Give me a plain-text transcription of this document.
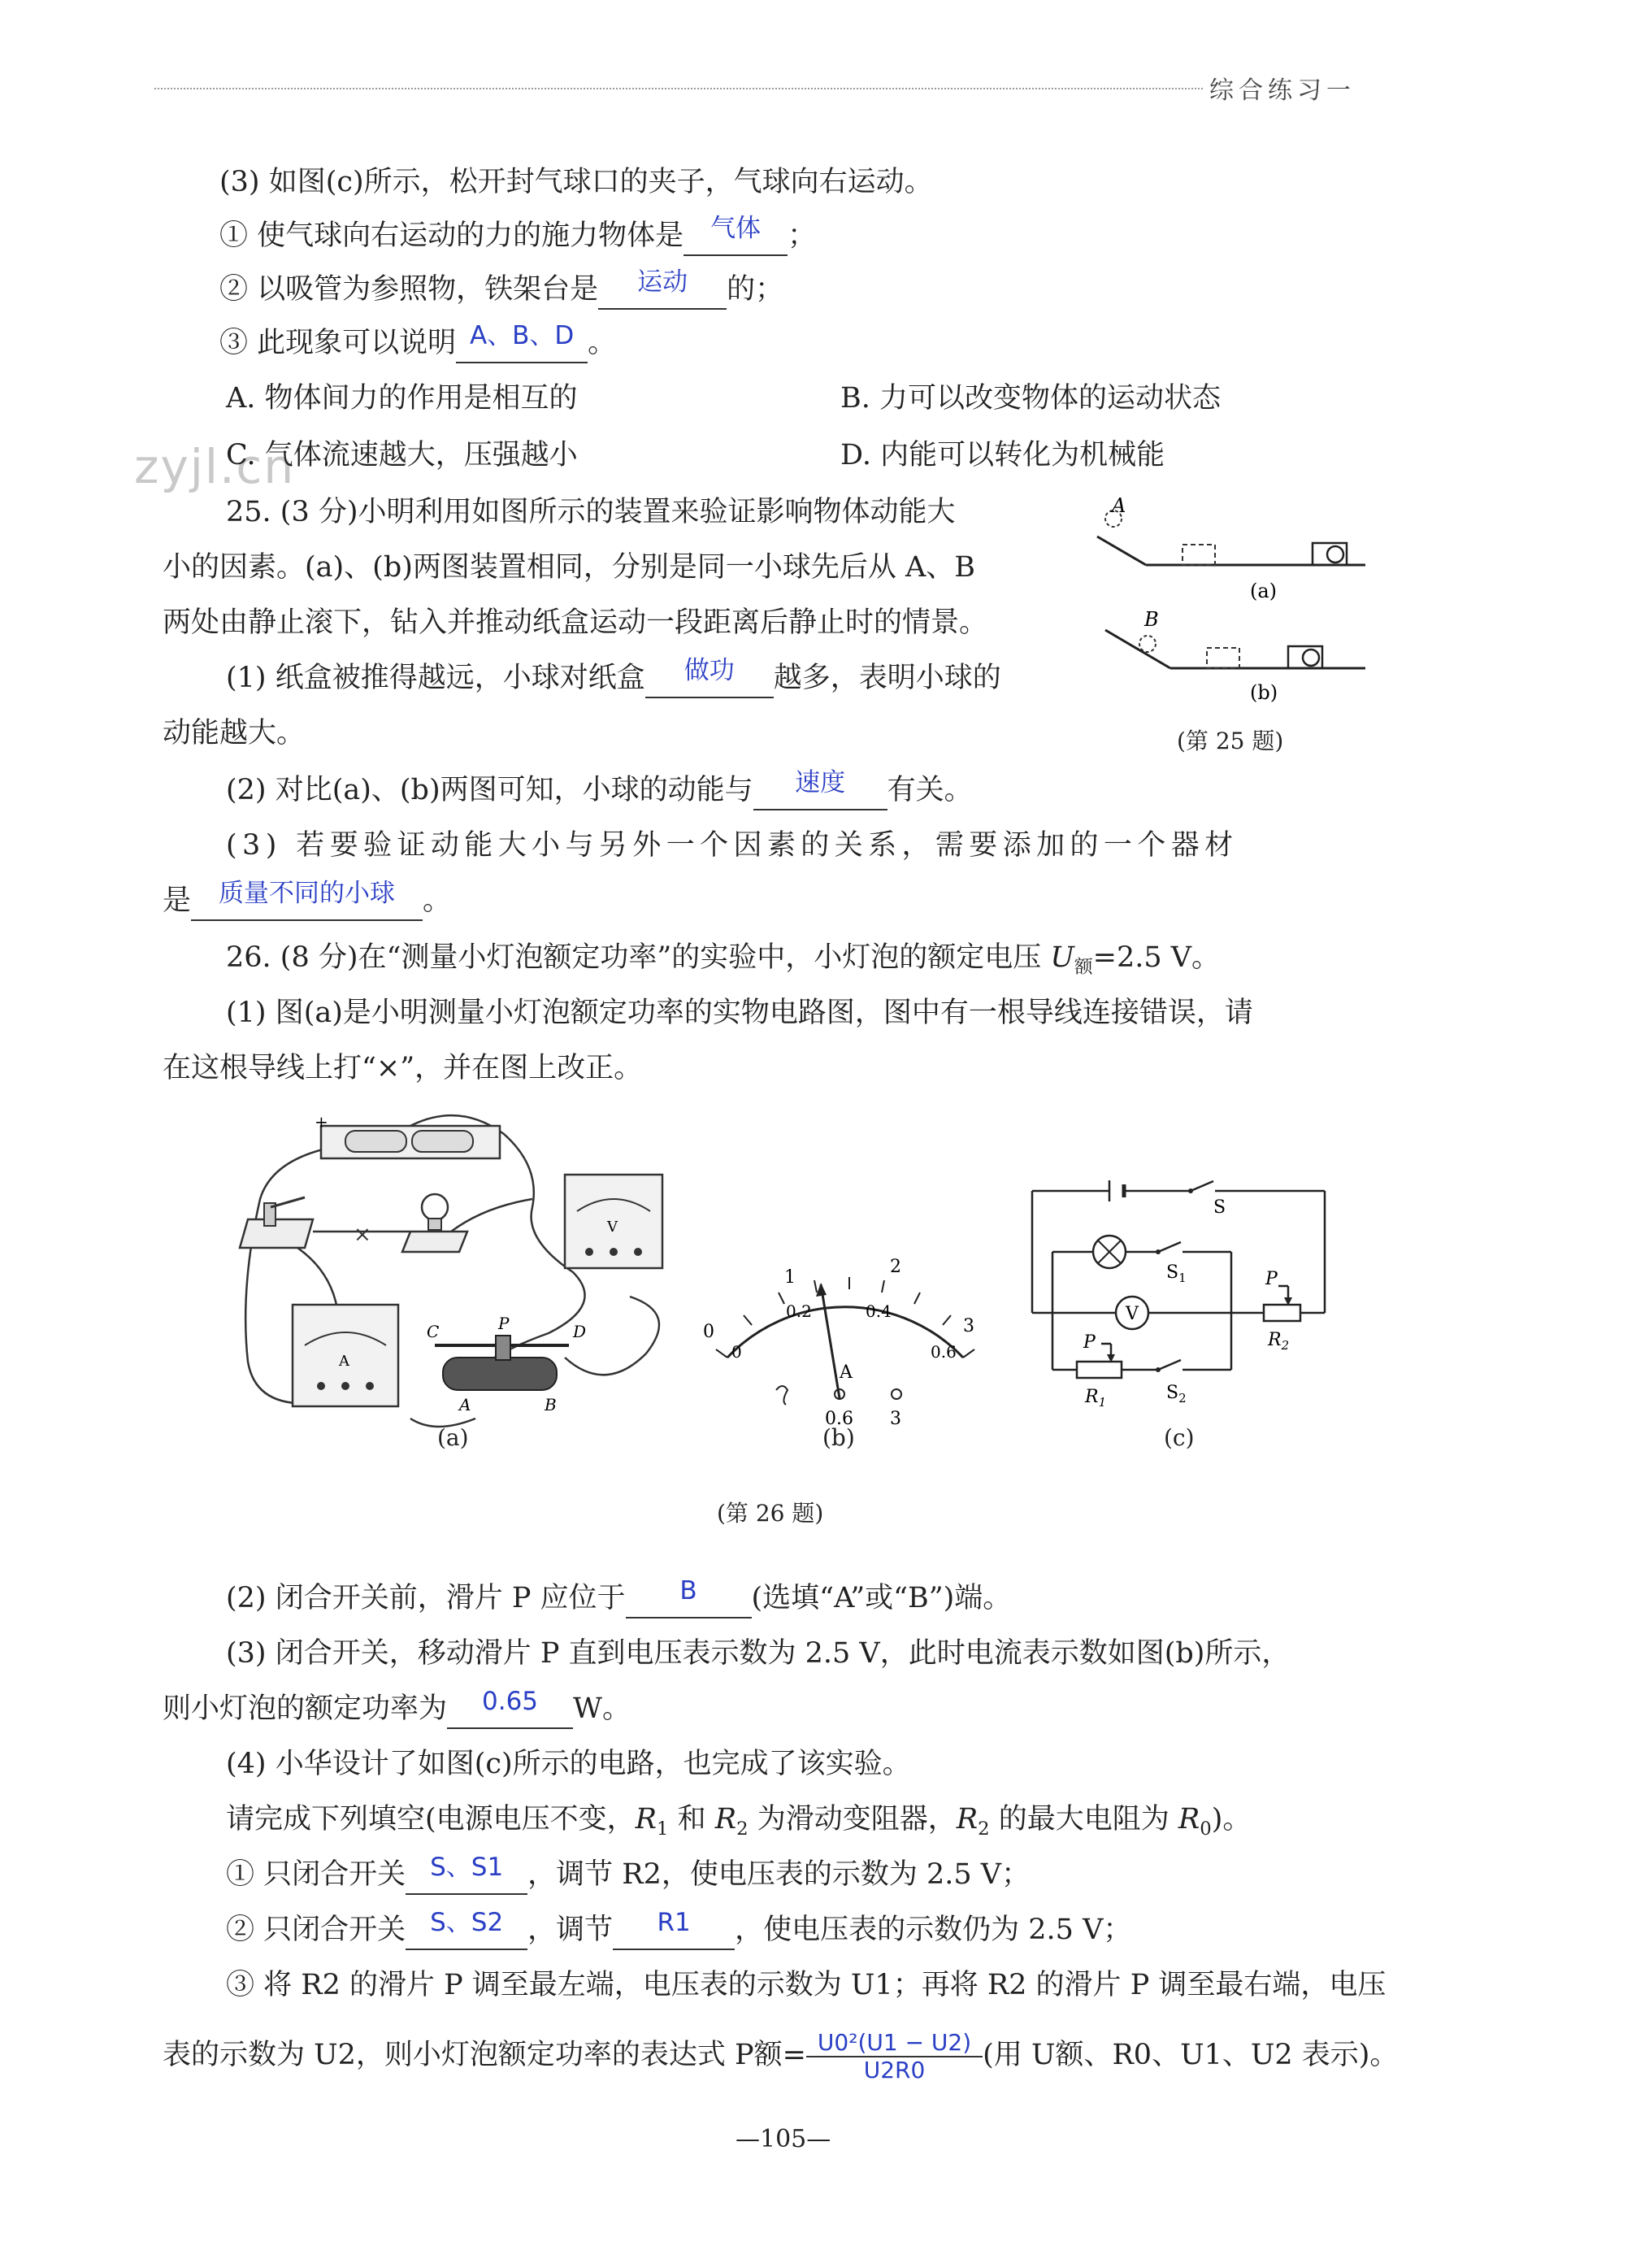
综合练习一
zyjl.cn
(3) 如图(c)所示，松开封气球口的夹子，气球向右运动。
① 使气球向右运动的力的施力物体是 气体 ；
② 以吸管为参照物，铁架台是 运动 的；
③ 此现象可以说明 A、B、D 。
A. 物体间力的作用是相互的	B. 力可以改变物体的运动状态
C. 气体流速越大，压强越小	D. 内能可以转化为机械能
25. (3 分)小明利用如图所示的装置来验证影响物体动能大
小的因素。(a)、(b)两图装置相同，分别是同一小球先后从 A、B
两处由静止滚下，钻入并推动纸盒运动一段距离后静止时的情景。
(1) 纸盒被推得越远，小球对纸盒 做功 越多，表明小球的
动能越大。
(2) 对比(a)、(b)两图可知，小球的动能与 速度 有关。
(3) 若要验证动能大小与另外一个因素的关系，需要添加的一个器材
是 质量不同的小球 。
A
(a)
B
(b)
(第 25 题)
26. (8 分)在“测量小灯泡额定功率”的实验中，小灯泡的额定电压 $U_额=2.5$ V。
(1) 图(a)是小明测量小灯泡额定功率的实物电路图，图中有一根导线连接错误，请
在这根导线上打“×”，并在图上改正。
+
×	V
A
C	P	D
A	B
(a)
0
1
2
3
0
0.2	0.4
0.6
A
0.6 3
(b)
S
$S_1$
V
P
$R_2$
P
$R_1$	$S_2$
(c)
(第 26 题)
(2) 闭合开关前，滑片 P 应位于 B (选填“A”或“B”)端。
(3) 闭合开关，移动滑片 P 直到电压表示数为 2.5 V，此时电流表示数如图(b)所示，
则小灯泡的额定功率为 0.65 W。
(4) 小华设计了如图(c)所示的电路，也完成了该实验。
请完成下列填空(电源电压不变，$R_1$ 和 $R_2$ 为滑动变阻器，$R_2$ 的最大电阻为 $R_0$)。
① 只闭合开关 S、S1 ，调节 R2，使电压表的示数为 2.5 V；
② 只闭合开关 S、S2 ，调节 R1 ，使电压表的示数仍为 2.5 V；
③ 将 R2 的滑片 P 调至最左端，电压表的示数为 U1；再将 R2 的滑片 P 调至最右端，电压
表的示数为 U2，则小灯泡额定功率的表达式 P额= $\frac{\text{U0²(U1 − U2)}}{U2R0}$ (用 U额、R0、U1、U2 表示)。
—105—
